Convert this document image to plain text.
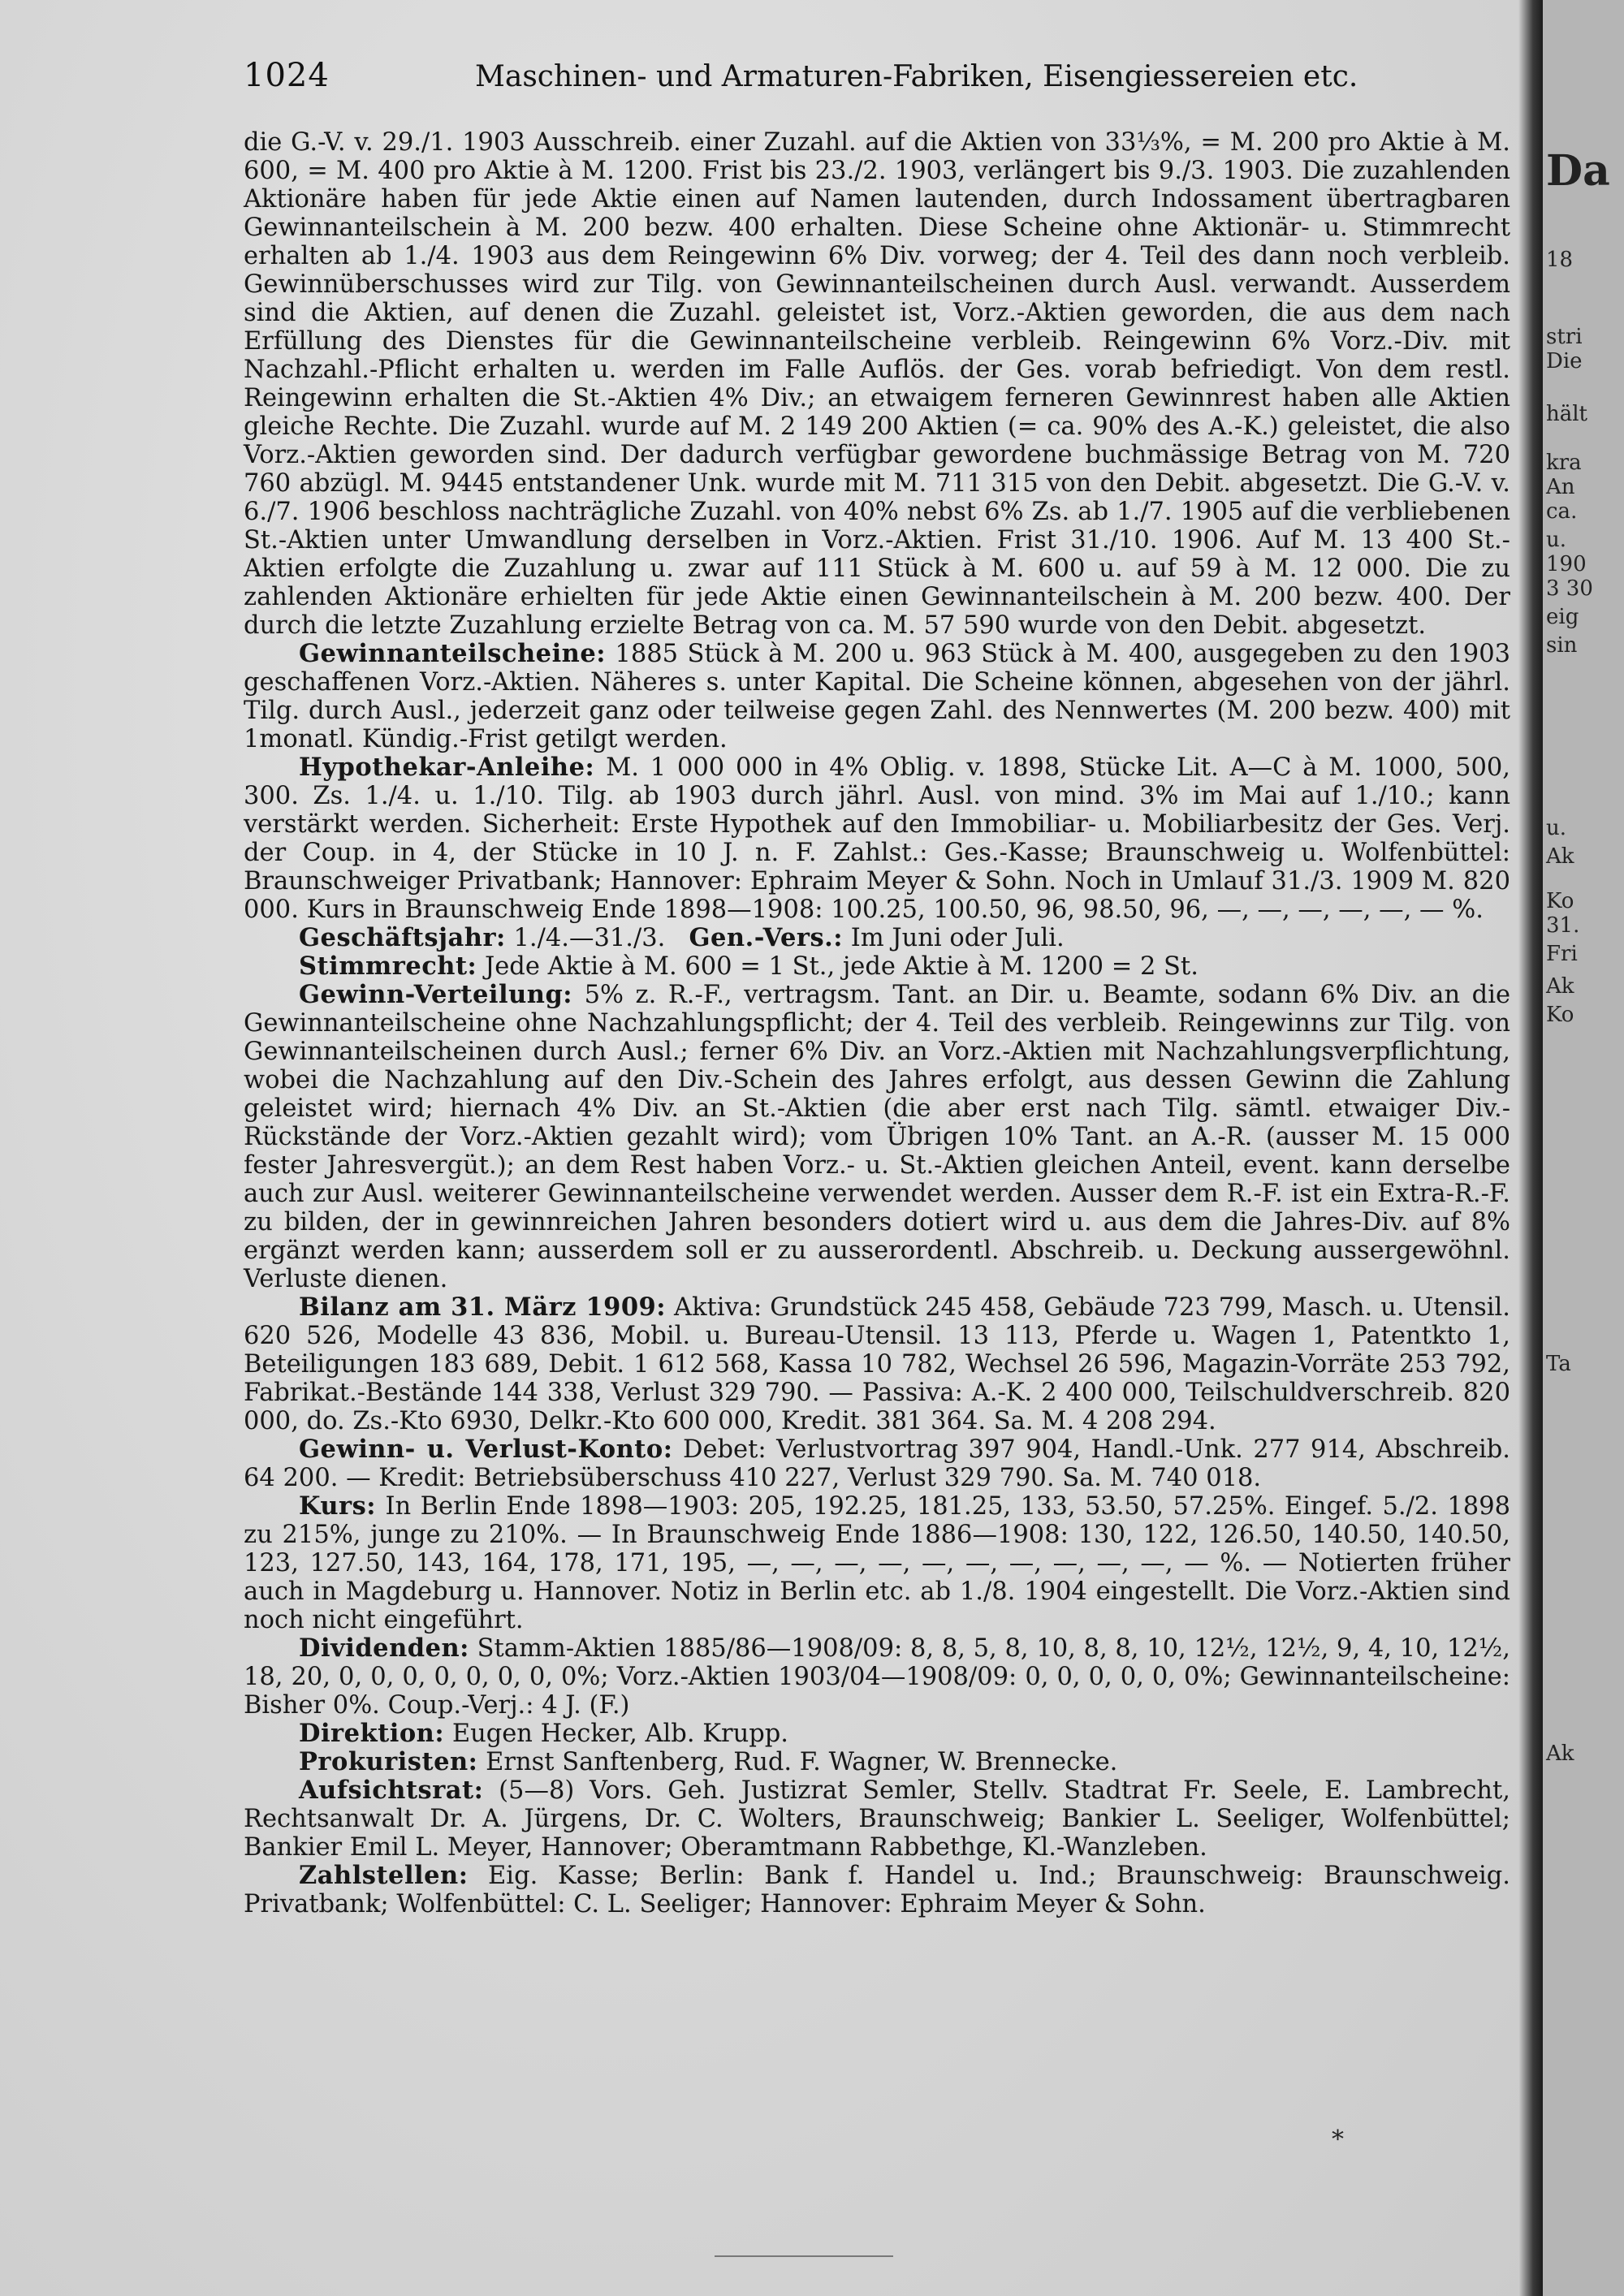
1024	Maschinen- und Armaturen-Fabriken, Eisengiessereien etc.

die G.-V. v. 29./1. 1903 Ausschreib. einer Zuzahl. auf die Aktien von 33⅓%, = M. 200 pro Aktie à M. 600, = M. 400 pro Aktie à M. 1200. Frist bis 23./2. 1903, verlängert bis 9./3. 1903. Die zuzahlenden Aktionäre haben für jede Aktie einen auf Namen lautenden, durch Indossament übertragbaren Gewinnanteilschein à M. 200 bezw. 400 erhalten. Diese Scheine ohne Aktionär- u. Stimmrecht erhalten ab 1./4. 1903 aus dem Reingewinn 6% Div. vorweg; der 4. Teil des dann noch verbleib. Gewinnüberschusses wird zur Tilg. von Gewinnanteilscheinen durch Ausl. verwandt. Ausserdem sind die Aktien, auf denen die Zuzahl. geleistet ist, Vorz.-Aktien geworden, die aus dem nach Erfüllung des Dienstes für die Gewinnanteilscheine verbleib. Reingewinn 6% Vorz.-Div. mit Nachzahl.-Pflicht erhalten u. werden im Falle Auflös. der Ges. vorab befriedigt. Von dem restl. Reingewinn erhalten die St.-Aktien 4% Div.; an etwaigem ferneren Gewinnrest haben alle Aktien gleiche Rechte. Die Zuzahl. wurde auf M. 2 149 200 Aktien (= ca. 90% des A.-K.) geleistet, die also Vorz.-Aktien geworden sind. Der dadurch verfügbar gewordene buchmässige Betrag von M. 720 760 abzügl. M. 9445 entstandener Unk. wurde mit M. 711 315 von den Debit. abgesetzt. Die G.-V. v. 6./7. 1906 beschloss nachträgliche Zuzahl. von 40% nebst 6% Zs. ab 1./7. 1905 auf die verbliebenen St.-Aktien unter Umwandlung derselben in Vorz.-Aktien. Frist 31./10. 1906. Auf M. 13 400 St.-Aktien erfolgte die Zuzahlung u. zwar auf 111 Stück à M. 600 u. auf 59 à M. 12 000. Die zu zahlenden Aktionäre erhielten für jede Aktie einen Gewinnanteilschein à M. 200 bezw. 400. Der durch die letzte Zuzahlung erzielte Betrag von ca. M. 57 590 wurde von den Debit. abgesetzt.

Gewinnanteilscheine: 1885 Stück à M. 200 u. 963 Stück à M. 400, ausgegeben zu den 1903 geschaffenen Vorz.-Aktien. Näheres s. unter Kapital. Die Scheine können, abgesehen von der jährl. Tilg. durch Ausl., jederzeit ganz oder teilweise gegen Zahl. des Nennwertes (M. 200 bezw. 400) mit 1monatl. Kündig.-Frist getilgt werden.

Hypothekar-Anleihe: M. 1 000 000 in 4% Oblig. v. 1898, Stücke Lit. A—C à M. 1000, 500, 300. Zs. 1./4. u. 1./10. Tilg. ab 1903 durch jährl. Ausl. von mind. 3% im Mai auf 1./10.; kann verstärkt werden. Sicherheit: Erste Hypothek auf den Immobiliar- u. Mobiliarbesitz der Ges. Verj. der Coup. in 4, der Stücke in 10 J. n. F. Zahlst.: Ges.-Kasse; Braunschweig u. Wolfenbüttel: Braunschweiger Privatbank; Hannover: Ephraim Meyer & Sohn. Noch in Umlauf 31./3. 1909 M. 820 000. Kurs in Braunschweig Ende 1898—1908: 100.25, 100.50, 96, 98.50, 96, —, —, —, —, —, — %.

Geschäftsjahr: 1./4.—31./3. Gen.-Vers.: Im Juni oder Juli.

Stimmrecht: Jede Aktie à M. 600 = 1 St., jede Aktie à M. 1200 = 2 St.

Gewinn-Verteilung: 5% z. R.-F., vertragsm. Tant. an Dir. u. Beamte, sodann 6% Div. an die Gewinnanteilscheine ohne Nachzahlungspflicht; der 4. Teil des verbleib. Reingewinns zur Tilg. von Gewinnanteilscheinen durch Ausl.; ferner 6% Div. an Vorz.-Aktien mit Nachzahlungsverpflichtung, wobei die Nachzahlung auf den Div.-Schein des Jahres erfolgt, aus dessen Gewinn die Zahlung geleistet wird; hiernach 4% Div. an St.-Aktien (die aber erst nach Tilg. sämtl. etwaiger Div.-Rückstände der Vorz.-Aktien gezahlt wird); vom Übrigen 10% Tant. an A.-R. (ausser M. 15 000 fester Jahresvergüt.); an dem Rest haben Vorz.- u. St.-Aktien gleichen Anteil, event. kann derselbe auch zur Ausl. weiterer Gewinnanteilscheine verwendet werden. Ausser dem R.-F. ist ein Extra-R.-F. zu bilden, der in gewinnreichen Jahren besonders dotiert wird u. aus dem die Jahres-Div. auf 8% ergänzt werden kann; ausserdem soll er zu ausserordentl. Abschreib. u. Deckung aussergewöhnl. Verluste dienen.

Bilanz am 31. März 1909: Aktiva: Grundstück 245 458, Gebäude 723 799, Masch. u. Utensil. 620 526, Modelle 43 836, Mobil. u. Bureau-Utensil. 13 113, Pferde u. Wagen 1, Patentkto 1, Beteiligungen 183 689, Debit. 1 612 568, Kassa 10 782, Wechsel 26 596, Magazin-Vorräte 253 792, Fabrikat.-Bestände 144 338, Verlust 329 790. — Passiva: A.-K. 2 400 000, Teilschuldverschreib. 820 000, do. Zs.-Kto 6930, Delkr.-Kto 600 000, Kredit. 381 364. Sa. M. 4 208 294.

Gewinn- u. Verlust-Konto: Debet: Verlustvortrag 397 904, Handl.-Unk. 277 914, Abschreib. 64 200. — Kredit: Betriebsüberschuss 410 227, Verlust 329 790. Sa. M. 740 018.

Kurs: In Berlin Ende 1898—1903: 205, 192.25, 181.25, 133, 53.50, 57.25%. Eingef. 5./2. 1898 zu 215%, junge zu 210%. — In Braunschweig Ende 1886—1908: 130, 122, 126.50, 140.50, 140.50, 123, 127.50, 143, 164, 178, 171, 195, —, —, —, —, —, —, —, —, —, —, — %. — Notierten früher auch in Magdeburg u. Hannover. Notiz in Berlin etc. ab 1./8. 1904 eingestellt. Die Vorz.-Aktien sind noch nicht eingeführt.

Dividenden: Stamm-Aktien 1885/86—1908/09: 8, 8, 5, 8, 10, 8, 8, 10, 12½, 12½, 9, 4, 10, 12½, 18, 20, 0, 0, 0, 0, 0, 0, 0, 0%; Vorz.-Aktien 1903/04—1908/09: 0, 0, 0, 0, 0, 0%; Gewinnanteilscheine: Bisher 0%. Coup.-Verj.: 4 J. (F.)

Direktion: Eugen Hecker, Alb. Krupp.

Prokuristen: Ernst Sanftenberg, Rud. F. Wagner, W. Brennecke.

Aufsichtsrat: (5—8) Vors. Geh. Justizrat Semler, Stellv. Stadtrat Fr. Seele, E. Lambrecht, Rechtsanwalt Dr. A. Jürgens, Dr. C. Wolters, Braunschweig; Bankier L. Seeliger, Wolfenbüttel; Bankier Emil L. Meyer, Hannover; Oberamtmann Rabbethge, Kl.-Wanzleben.

Zahlstellen: Eig. Kasse; Berlin: Bank f. Handel u. Ind.; Braunschweig: Braunschweig. Privatbank; Wolfenbüttel: C. L. Seeliger; Hannover: Ephraim Meyer & Sohn.

*
Da
18
stri
Die
hält
kra
An
ca.
u.
190
3 30
eig
sin
u.
Ak
Ko
31.
Fri
Ak
Ko
Ta
Ak
